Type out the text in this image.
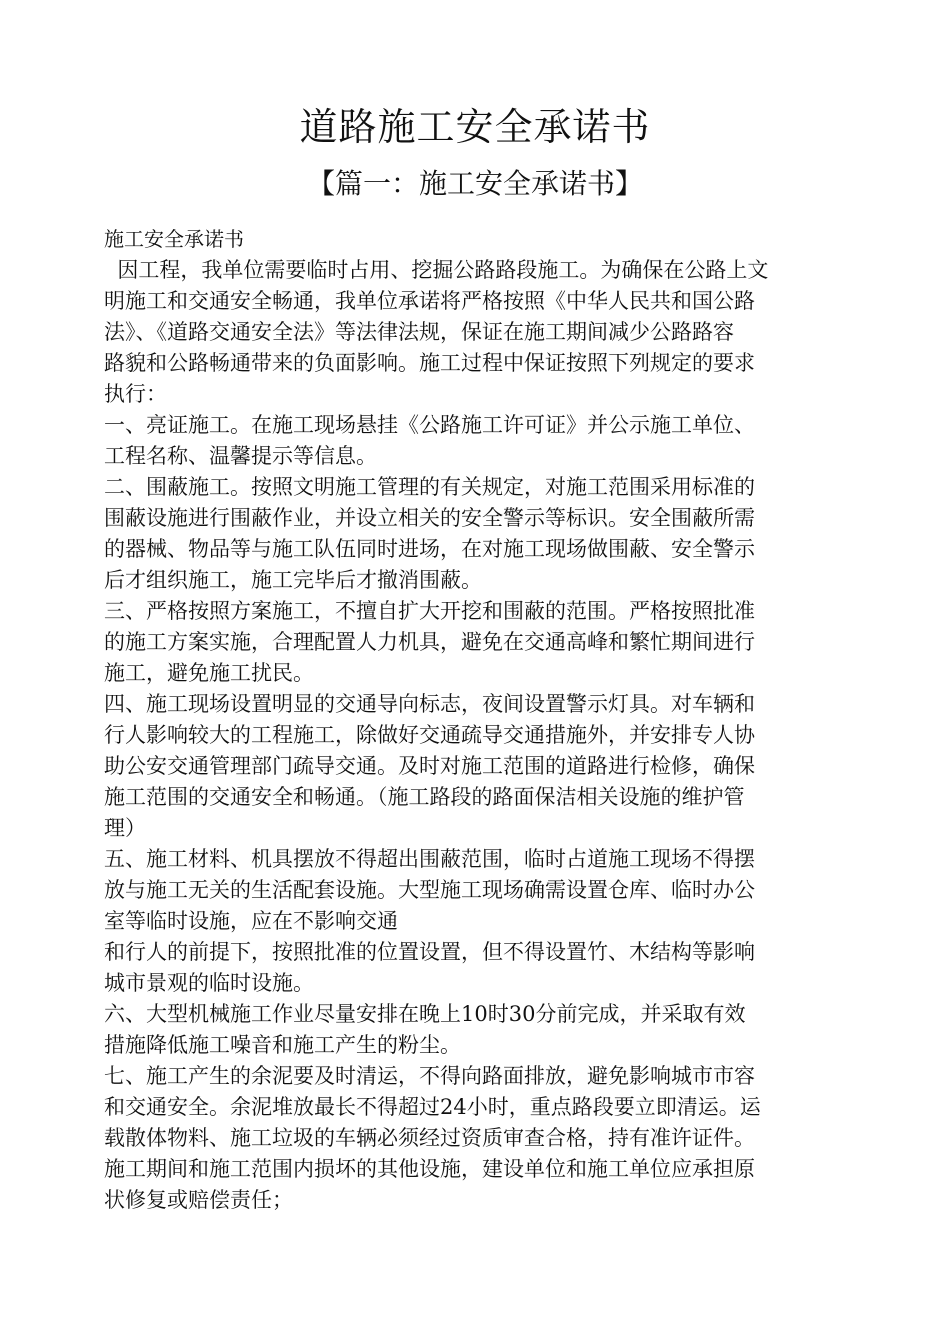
道路施工安全承诺书
【篇一：施工安全承诺书】
施工安全承诺书
因工程，我单位需要临时占用、挖掘公路路段施工。为确保在公路上文
明施工和交通安全畅通，我单位承诺将严格按照《中华人民共和国公路
法》、《道路交通安全法》等法律法规，保证在施工期间减少公路路容
路貌和公路畅通带来的负面影响。施工过程中保证按照下列规定的要求
执行：
一、亮证施工。在施工现场悬挂《公路施工许可证》并公示施工单位、
工程名称、温馨提示等信息。
二、围蔽施工。按照文明施工管理的有关规定，对施工范围采用标准的
围蔽设施进行围蔽作业，并设立相关的安全警示等标识。安全围蔽所需
的器械、物品等与施工队伍同时进场，在对施工现场做围蔽、安全警示
后才组织施工，施工完毕后才撤消围蔽。
三、严格按照方案施工，不擅自扩大开挖和围蔽的范围。严格按照批准
的施工方案实施，合理配置人力机具，避免在交通高峰和繁忙期间进行
施工，避免施工扰民。
四、施工现场设置明显的交通导向标志，夜间设置警示灯具。对车辆和
行人影响较大的工程施工，除做好交通疏导交通措施外，并安排专人协
助公安交通管理部门疏导交通。及时对施工范围的道路进行检修，确保
施工范围的交通安全和畅通。（施工路段的路面保洁相关设施的维护管
理）
五、施工材料、机具摆放不得超出围蔽范围，临时占道施工现场不得摆
放与施工无关的生活配套设施。大型施工现场确需设置仓库、临时办公
室等临时设施，应在不影响交通
和行人的前提下，按照批准的位置设置，但不得设置竹、木结构等影响
城市景观的临时设施。
六、大型机械施工作业尽量安排在晚上10时30分前完成，并采取有效
措施降低施工噪音和施工产生的粉尘。
七、施工产生的余泥要及时清运，不得向路面排放，避免影响城市市容
和交通安全。余泥堆放最长不得超过24小时，重点路段要立即清运。运
载散体物料、施工垃圾的车辆必须经过资质审查合格，持有准许证件。
施工期间和施工范围内损坏的其他设施，建设单位和施工单位应承担原
状修复或赔偿责任；
